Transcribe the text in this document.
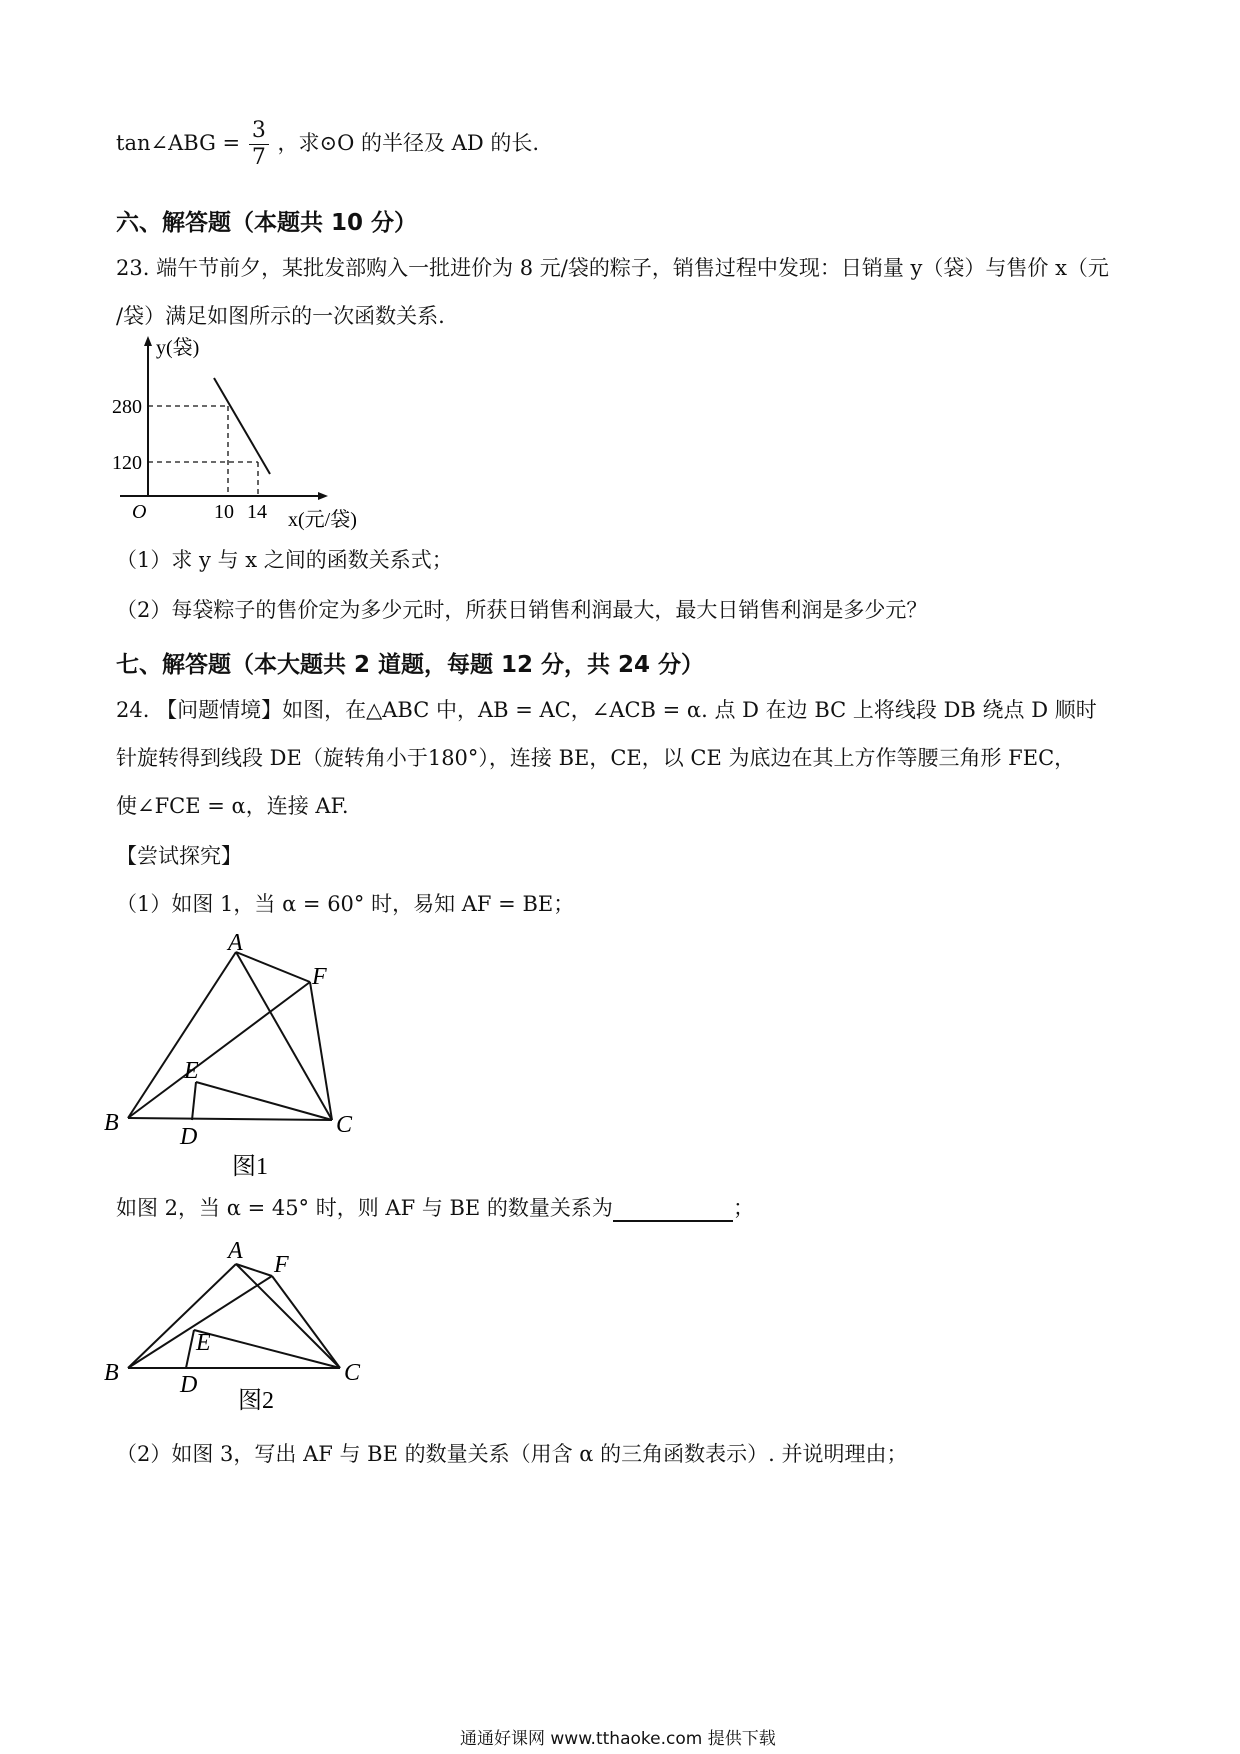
tan∠ABG = $\frac{3}{7}$ ，求⊙O 的半径及 AD 的长.
六、解答题（本题共 10 分）
23. 端午节前夕，某批发部购入一批进价为 8 元/袋的粽子，销售过程中发现：日销量 y（袋）与售价 x（元
/袋）满足如图所示的一次函数关系.
y(袋)
280
120
O	10 14 x(元/袋)
（1）求 y 与 x 之间的函数关系式；
（2）每袋粽子的售价定为多少元时，所获日销售利润最大，最大日销售利润是多少元？
七、解答题（本大题共 2 道题，每题 12 分，共 24 分）
24. 【问题情境】如图，在△ABC 中，AB = AC，∠ACB = α. 点 D 在边 BC 上将线段 DB 绕点 D 顺时
针旋转得到线段 DE（旋转角小于180°），连接 BE，CE，以 CE 为底边在其上方作等腰三角形 FEC，
使∠FCE = α，连接 AF.
【尝试探究】
（1）如图 1，当 α = 60° 时，易知 AF = BE；
A
F
E
B	C
D
图1
如图 2，当 α = 45° 时，则 AF 与 BE 的数量关系为	；
A
F
E
B	C
D
图2
（2）如图 3，写出 AF 与 BE 的数量关系（用含 α 的三角函数表示）. 并说明理由；
通通好课网 www.tthaoke.com 提供下载
